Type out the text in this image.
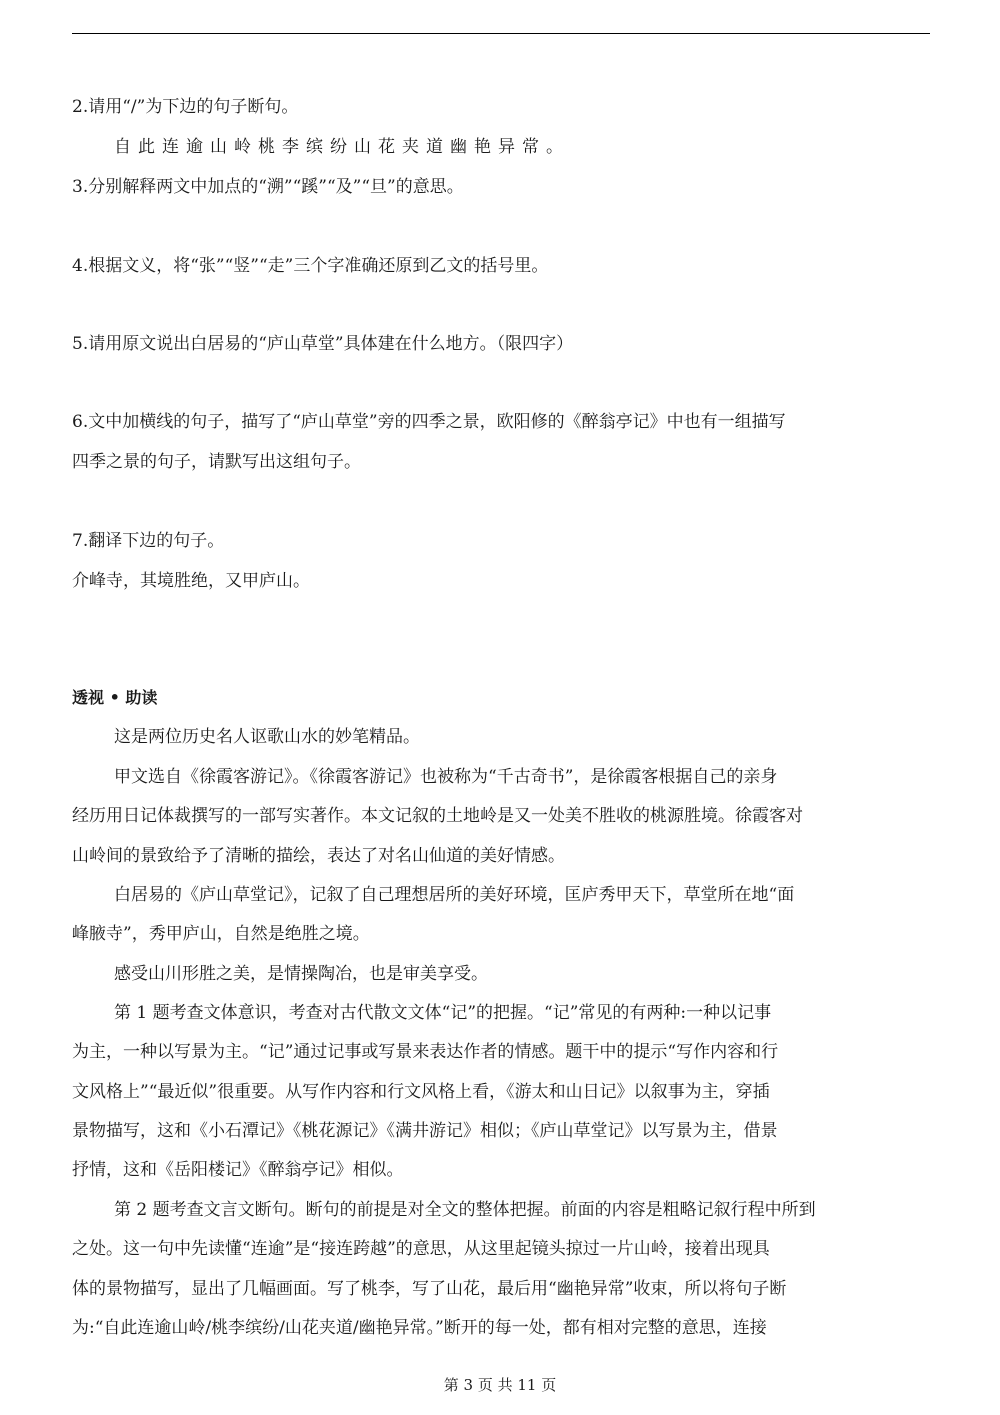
2.请用“/”为下边的句子断句。
自此连逾山岭桃李缤纷山花夹道幽艳异常。
3.分别解释两文中加点的“溯”“蹊”“及”“旦”的意思。
4.根据文义，将“张”“竖”“走”三个字准确还原到乙文的括号里。
5.请用原文说出白居易的“庐山草堂”具体建在什么地方。（限四字）
6.文中加横线的句子，描写了“庐山草堂”旁的四季之景，欧阳修的《醉翁亭记》中也有一组描写
四季之景的句子，请默写出这组句子。
7.翻译下边的句子。
介峰寺，其境胜绝，又甲庐山。
透视 • 助读
这是两位历史名人讴歌山水的妙笔精品。
甲文选自《徐霞客游记》。《徐霞客游记》也被称为“千古奇书”，是徐霞客根据自己的亲身
经历用日记体裁撰写的一部写实著作。本文记叙的土地岭是又一处美不胜收的桃源胜境。徐霞客对
山岭间的景致给予了清晰的描绘，表达了对名山仙道的美好情感。
白居易的《庐山草堂记》，记叙了自己理想居所的美好环境，匡庐秀甲天下，草堂所在地“面
峰腋寺”，秀甲庐山，自然是绝胜之境。
感受山川形胜之美，是情操陶冶，也是审美享受。
第 1 题考查文体意识，考查对古代散文文体“记”的把握。“记”常见的有两种:一种以记事
为主，一种以写景为主。“记”通过记事或写景来表达作者的情感。题干中的提示“写作内容和行
文风格上”“最近似”很重要。从写作内容和行文风格上看，《游太和山日记》以叙事为主，穿插
景物描写，这和《小石潭记》《桃花源记》《满井游记》相似；《庐山草堂记》以写景为主，借景
抒情，这和《岳阳楼记》《醉翁亭记》相似。
第 2 题考查文言文断句。断句的前提是对全文的整体把握。前面的内容是粗略记叙行程中所到
之处。这一句中先读懂“连逾”是“接连跨越”的意思，从这里起镜头掠过一片山岭，接着出现具
体的景物描写，显出了几幅画面。写了桃李，写了山花，最后用“幽艳异常”收束，所以将句子断
为:“自此连逾山岭/桃李缤纷/山花夹道/幽艳异常。”断开的每一处，都有相对完整的意思，连接
第 3 页 共 11 页
